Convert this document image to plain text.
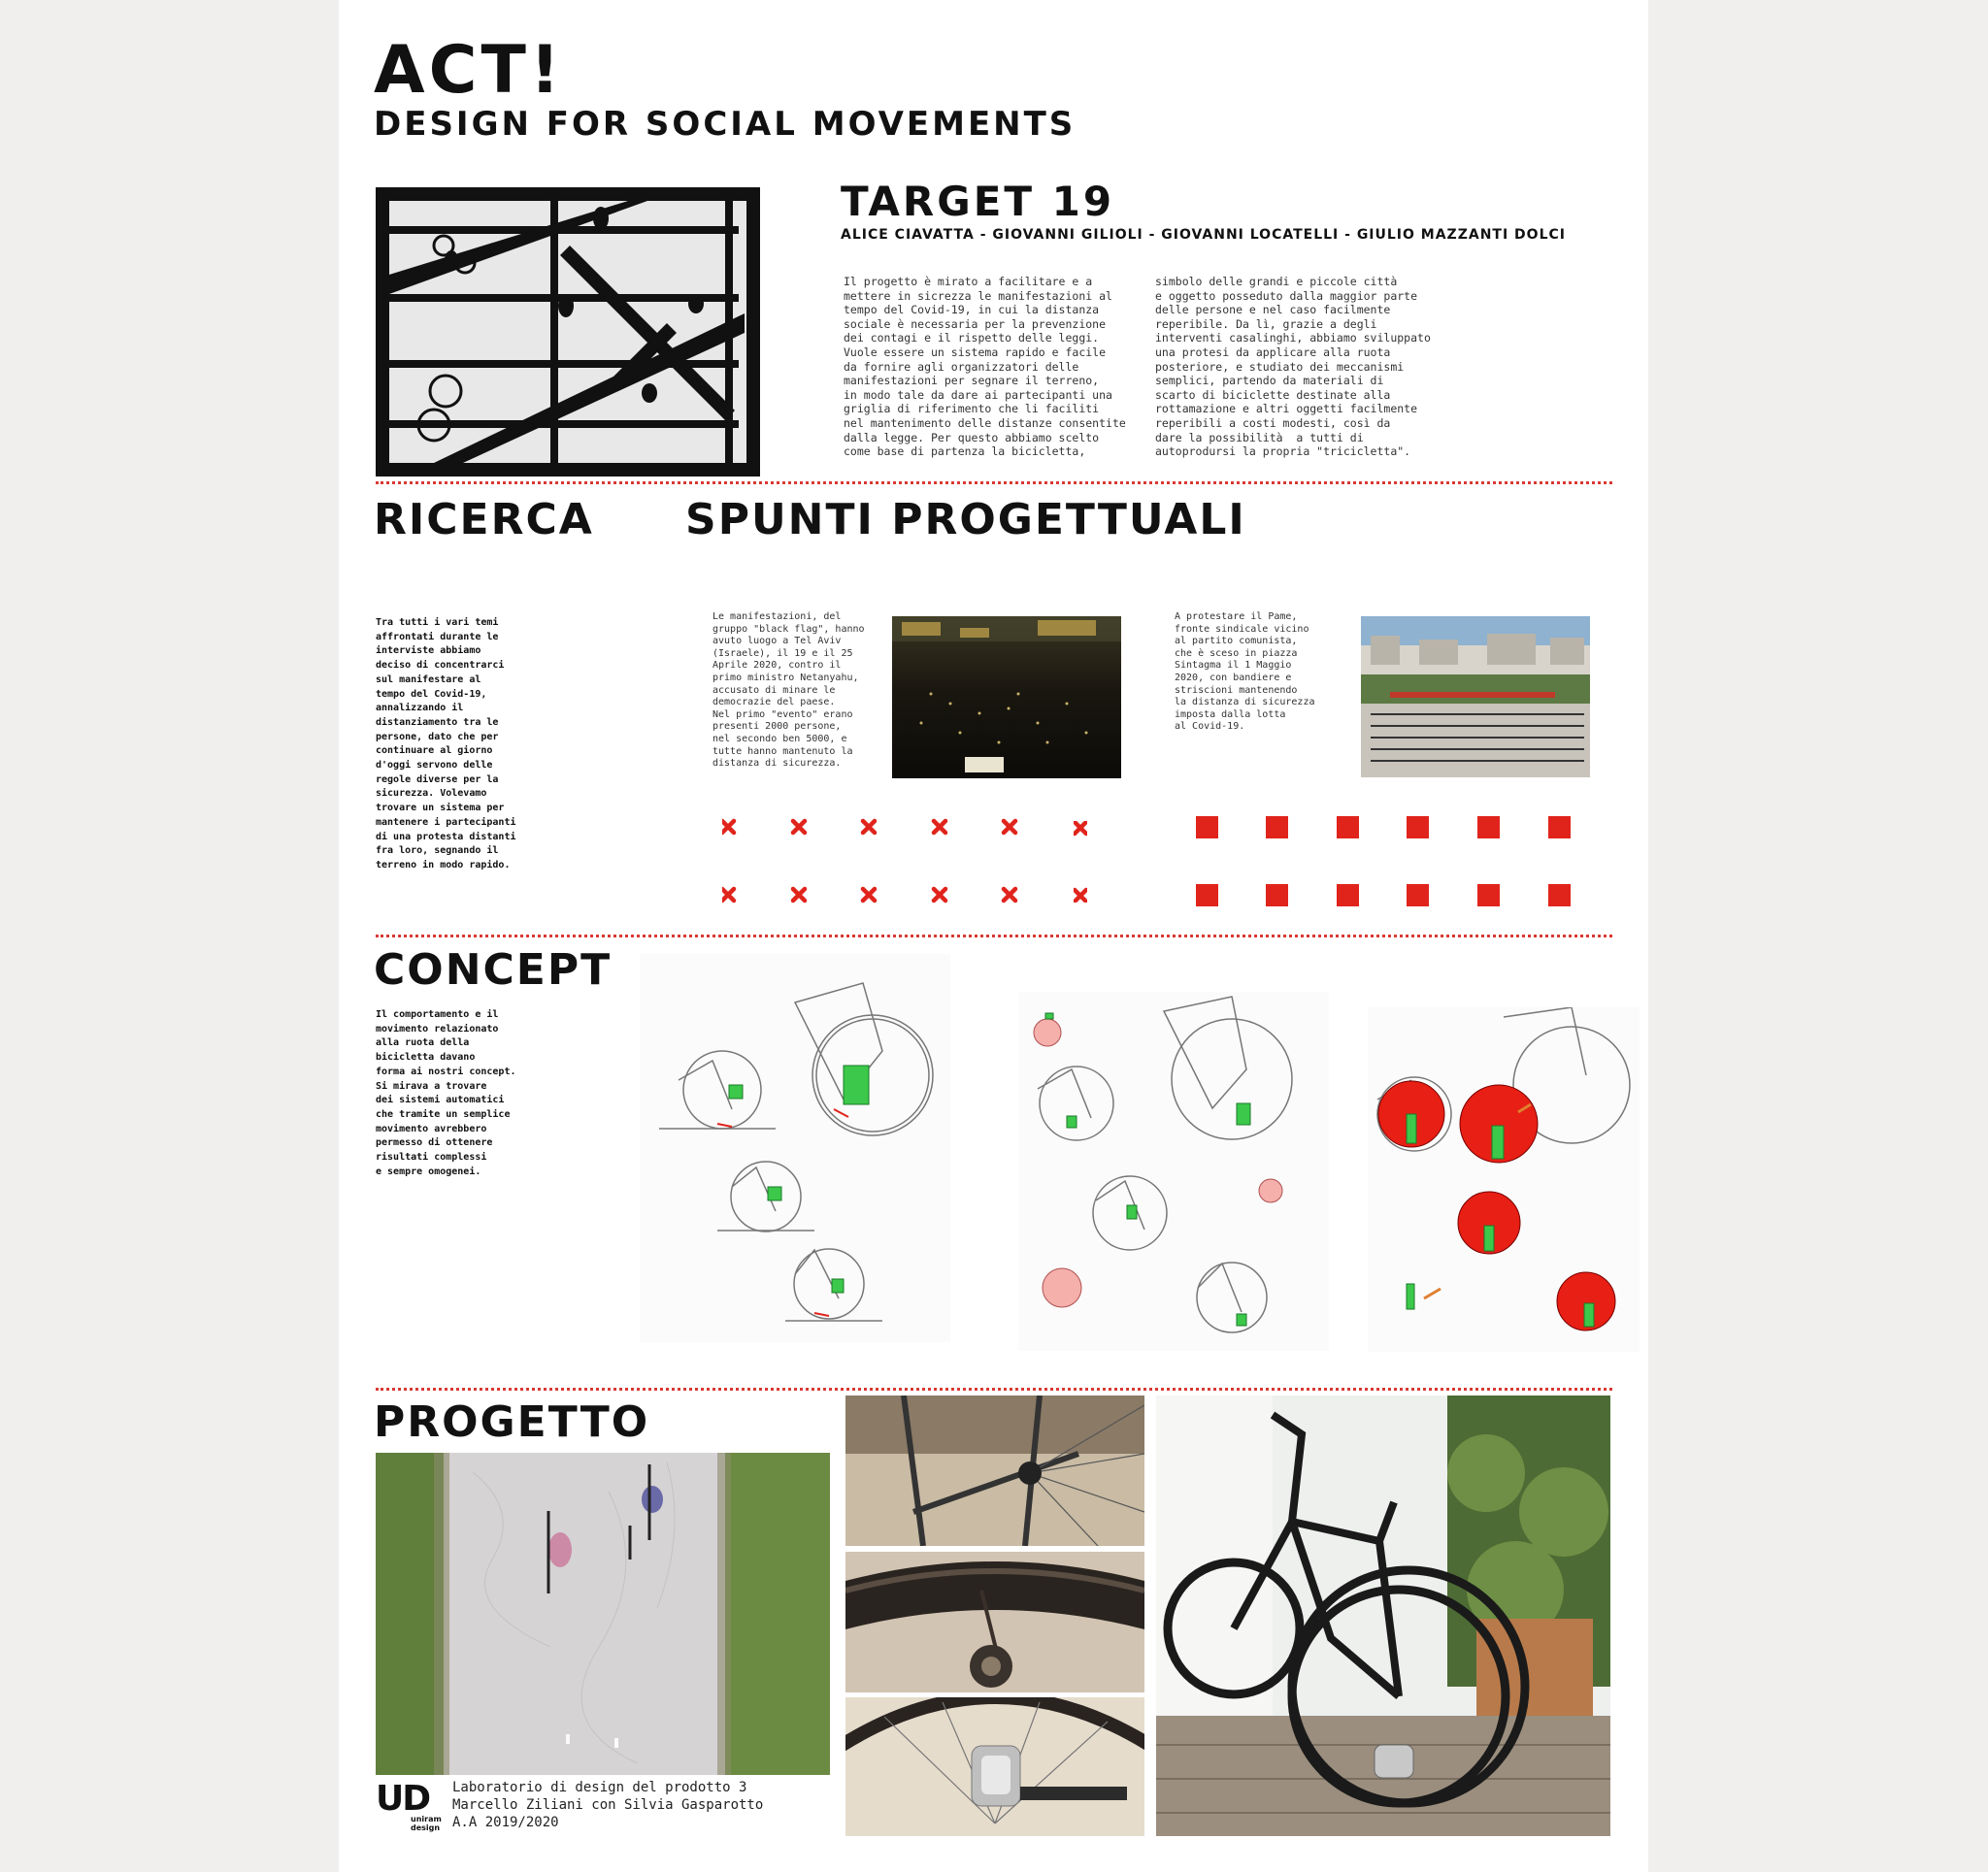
ACT!
DESIGN FOR SOCIAL MOVEMENTS
TARGET 19
ALICE CIAVATTA - GIOVANNI GILIOLI - GIOVANNI LOCATELLI - GIULIO MAZZANTI DOLCI
Il progetto è mirato a facilitare e a
mettere in sicrezza le manifestazioni al
tempo del Covid-19, in cui la distanza
sociale è necessaria per la prevenzione
dei contagi e il rispetto delle leggi.
Vuole essere un sistema rapido e facile
da fornire agli organizzatori delle
manifestazioni per segnare il terreno,
in modo tale da dare ai partecipanti una
griglia di riferimento che li faciliti
nel mantenimento delle distanze consentite
dalla legge. Per questo abbiamo scelto
come base di partenza la bicicletta,
simbolo delle grandi e piccole città
e oggetto posseduto dalla maggior parte
delle persone e nel caso facilmente
reperibile. Da lì, grazie a degli
interventi casalinghi, abbiamo sviluppato
una protesi da applicare alla ruota
posteriore, e studiato dei meccanismi
semplici, partendo da materiali di
scarto di biciclette destinate alla
rottamazione e altri oggetti facilmente
reperibili a costi modesti, così da
dare la possibilità  a tutti di
autoprodursi la propria "tricicletta".
RICERCA SPUNTI PROGETTUALI
Tra tutti i vari temi
affrontati durante le
interviste abbiamo
deciso di concentrarci
sul manifestare al
tempo del Covid-19,
annalizzando il
distanziamento tra le
persone, dato che per
continuare al giorno
d'oggi servono delle
regole diverse per la
sicurezza. Volevamo
trovare un sistema per
mantenere i partecipanti
di una protesta distanti
fra loro, segnando il
terreno in modo rapido.
Le manifestazioni, del
gruppo "black flag", hanno
avuto luogo a Tel Aviv
(Israele), il 19 e il 25
Aprile 2020, contro il
primo ministro Netanyahu,
accusato di minare le
democrazie del paese.
Nel primo "evento" erano
presenti 2000 persone,
nel secondo ben 5000, e
tutte hanno mantenuto la
distanza di sicurezza.
A protestare il Pame,
fronte sindicale vicino
al partito comunista,
che è sceso in piazza
Sintagma il 1 Maggio
2020, con bandiere e
striscioni mantenendo
la distanza di sicurezza
imposta dalla lotta
al Covid-19.
CONCEPT
Il comportamento e il
movimento relazionato
alla ruota della
bicicletta davano
forma ai nostri concept.
Si mirava a trovare
dei sistemi automatici
che tramite un semplice
movimento avrebbero
permesso di ottenere
risultati complessi
e sempre omogenei.
PROGETTO
UD
uniram
design
Laboratorio di design del prodotto 3
Marcello Ziliani con Silvia Gasparotto
A.A 2019/2020
